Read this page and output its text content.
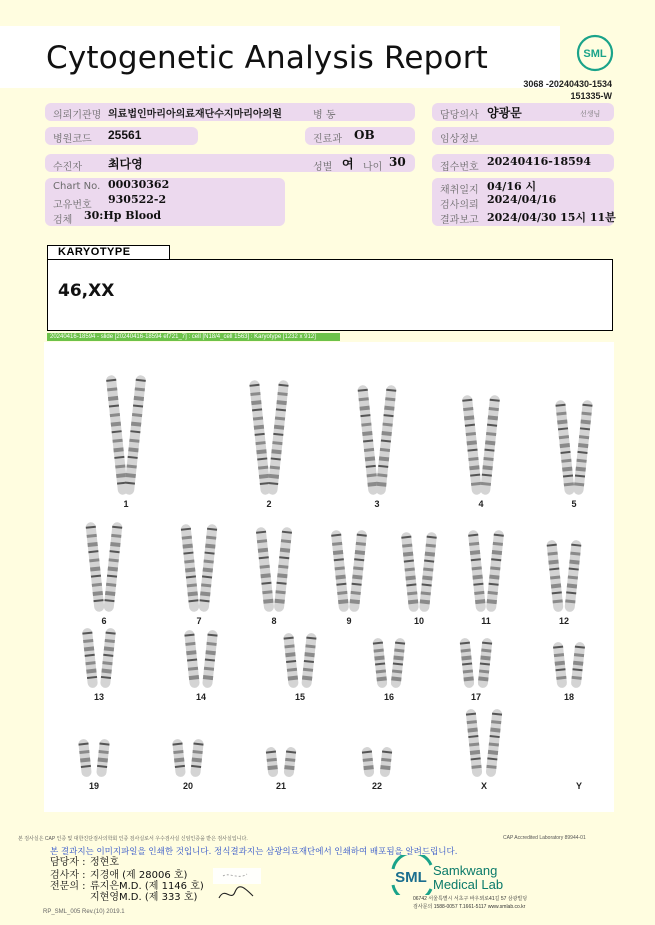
Cytogenetic Analysis Report	SML
3068 -20240430-1534
151335-W
의뢰기관명 의료법인마리아의료재단수지마리아의원	병 동	담당의사 양광문	선생님
병원코드 25561	진료과 OB	임상정보
수진자 최다영	성별 여 나이 30	접수번호 20240416-18594
Chart No. 00030362
고유번호 930522-2
검체 30:Hp Blood
채취일지 04/16 시
검사의뢰 2024/04/16
결과보고 2024/04/30 15시 11분
KARYOTYPE
46,XX
20240416-18594 - slide [20240416-18594 ef721_7] : cell [N18/4_cell 1563] : Karyotype [1232 x 912]
1	2	3	4	5
6	7	8	9	10	11	12
13	14	15	16	17	18
19	20	21	22	X	Y
본 검사실은 CAP 인증 및 대한진단검사의학회 인증 검사실로서 우수검사실 신임인증을 받은 검사실입니다.	CAP Accredited Laboratory 89944-01
본 결과지는 이미지파일을 인쇄한 것입니다. 정식결과지는 삼광의료재단에서 인쇄하여 배포됨을 알려드립니다.
담당자 : 정현호
검사자 : 지경애 (제 28006 호)
전문의 : 류지은M.D. (제 1146 호)
지현영M.D. (제 333 호)
RP_SML_005 Rev.(10) 2019.1
SML Samkwang
Medical Lab
06742 서울특별시 서초구 바우뫼로41길 57 삼광빌딩
검사문의 1588-0057 T.1661-5117 www.smlab.co.kr
